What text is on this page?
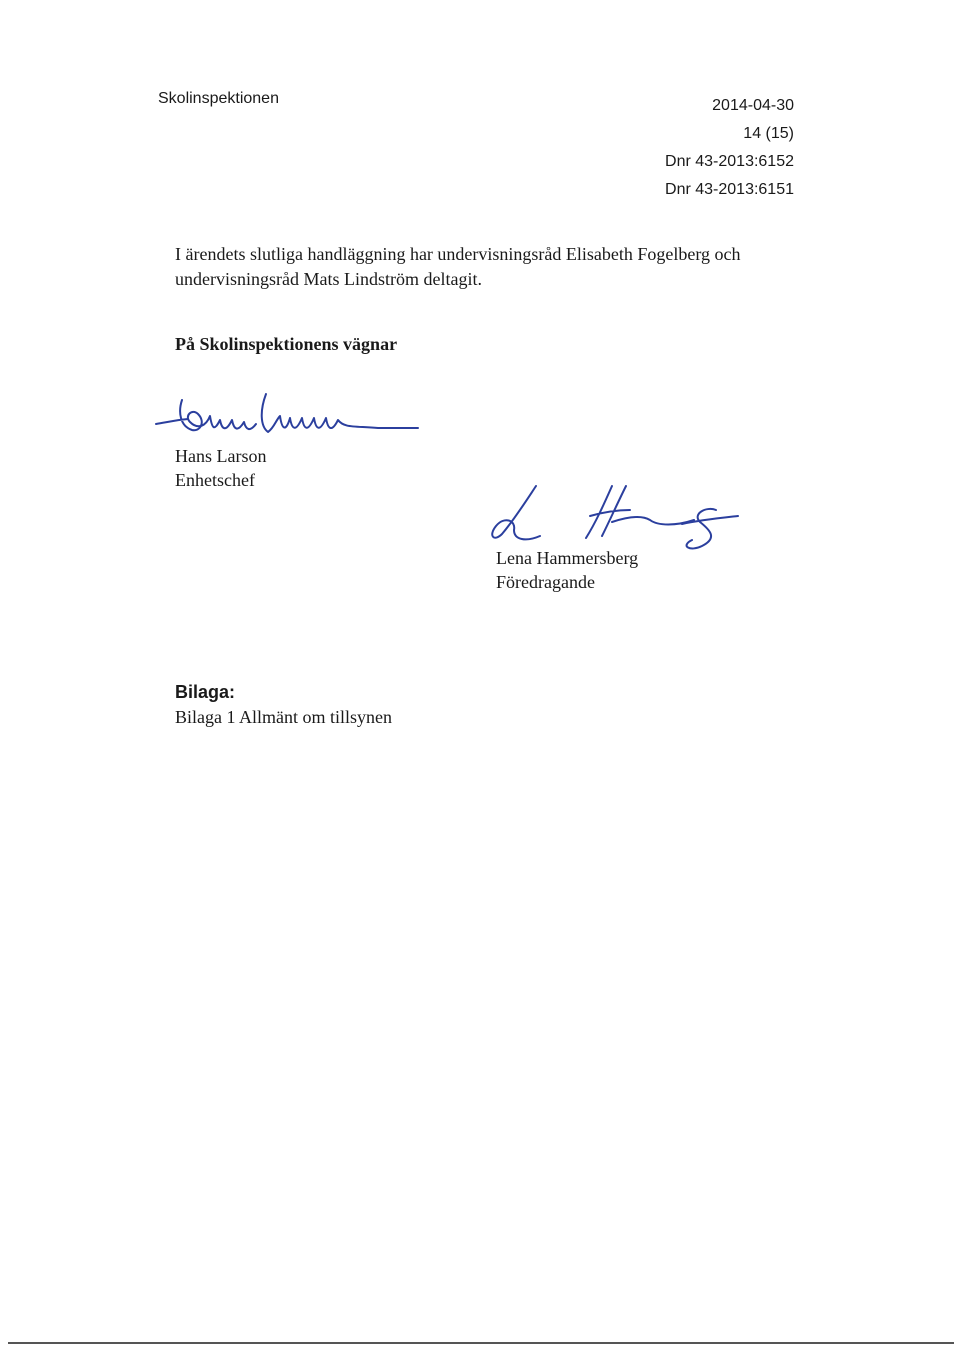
Skolinspektionen	2014-04-30
14 (15)
Dnr 43-2013:6152
Dnr 43-2013:6151
I ärendets slutliga handläggning har undervisningsråd Elisabeth Fogelberg och
undervisningsråd Mats Lindström deltagit.
På Skolinspektionens vägnar
Hans Larson
Enhetschef
Lena Hammersberg
Föredragande
Bilaga:
Bilaga 1 Allmänt om tillsynen
